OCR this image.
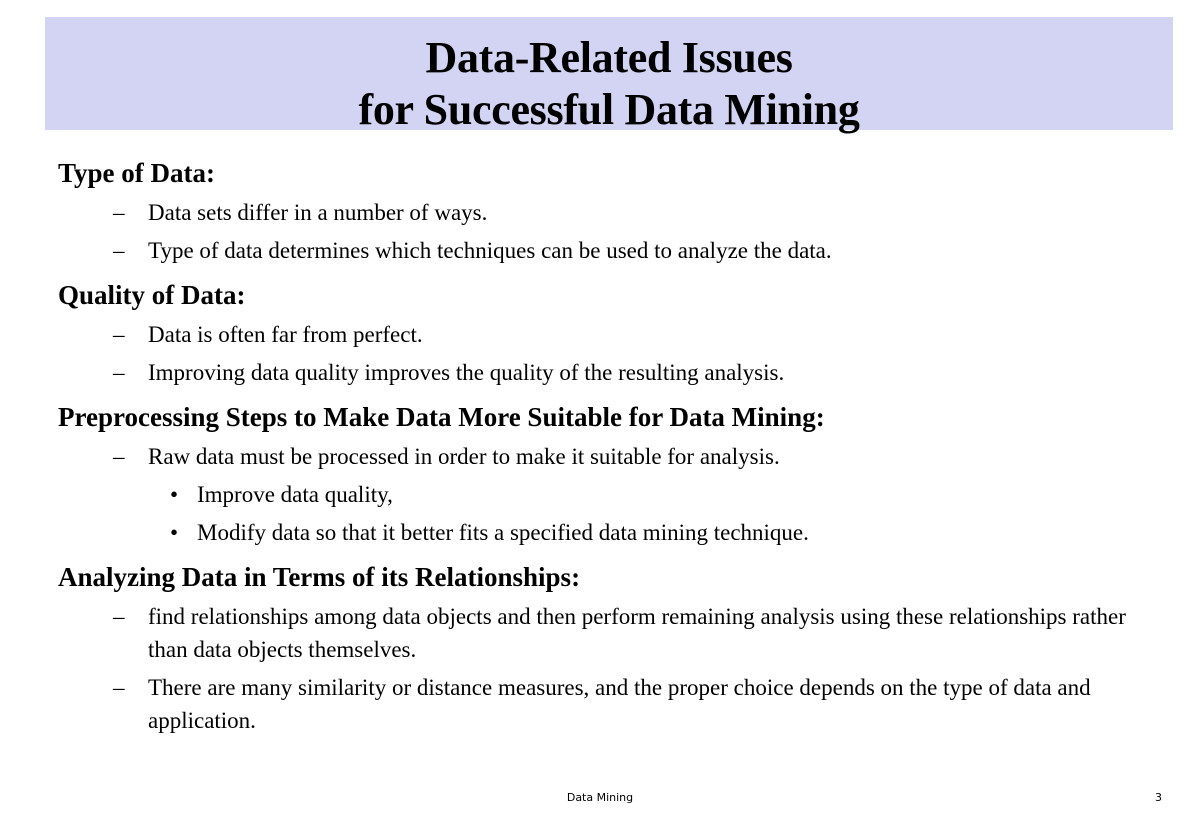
Data-Related Issues
for Successful Data Mining

Type of Data:

– Data sets differ in a number of ways.
– Type of data determines which techniques can be used to analyze the data.

Quality of Data:

– Data is often far from perfect.
– Improving data quality improves the quality of the resulting analysis.

Preprocessing Steps to Make Data More Suitable for Data Mining:

– Raw data must be processed in order to make it suitable for analysis.
• Improve data quality,
• Modify data so that it better fits a specified data mining technique.

Analyzing Data in Terms of its Relationships:

– find relationships among data objects and then perform remaining analysis using these relationships rather than data objects themselves.
– There are many similarity or distance measures, and the proper choice depends on the type of data and application.
Data Mining	3
